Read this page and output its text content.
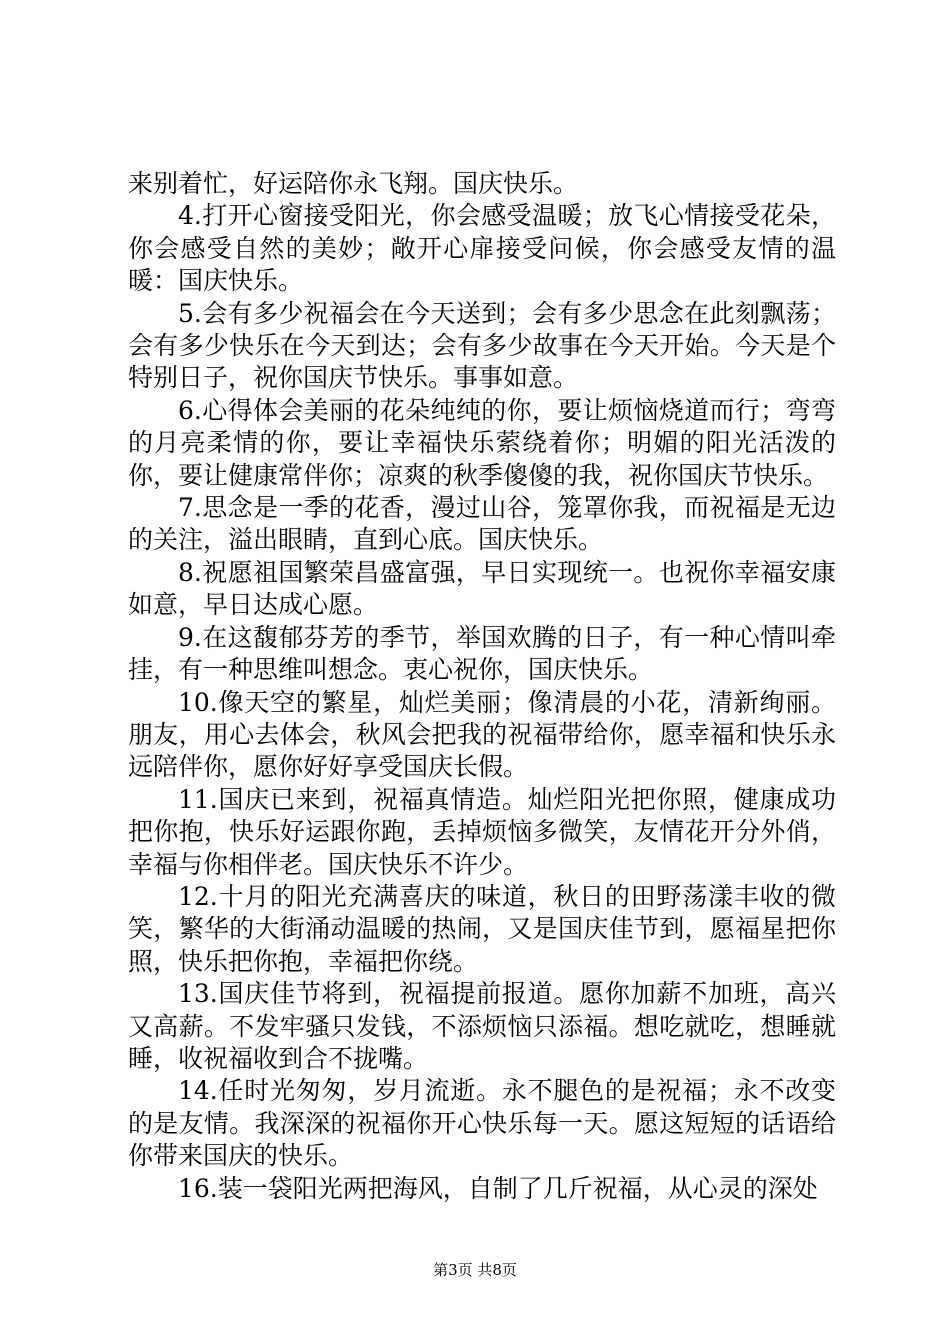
来别着忙，好运陪你永飞翔。国庆快乐。

4.打开心窗接受阳光，你会感受温暖；放飞心情接受花朵，你会感受自然的美妙；敞开心扉接受问候，你会感受友情的温暖：国庆快乐。

5.会有多少祝福会在今天送到；会有多少思念在此刻飘荡；会有多少快乐在今天到达；会有多少故事在今天开始。今天是个特别日子，祝你国庆节快乐。事事如意。

6.心得体会美丽的花朵纯纯的你，要让烦恼烧道而行；弯弯的月亮柔情的你，要让幸福快乐萦绕着你；明媚的阳光活泼的你，要让健康常伴你；凉爽的秋季傻傻的我，祝你国庆节快乐。

7.思念是一季的花香，漫过山谷，笼罩你我，而祝福是无边的关注，溢出眼睛，直到心底。国庆快乐。

8.祝愿祖国繁荣昌盛富强，早日实现统一。也祝你幸福安康如意，早日达成心愿。

9.在这馥郁芬芳的季节，举国欢腾的日子，有一种心情叫牵挂，有一种思维叫想念。衷心祝你，国庆快乐。

10.像天空的繁星，灿烂美丽；像清晨的小花，清新绚丽。朋友，用心去体会，秋风会把我的祝福带给你，愿幸福和快乐永远陪伴你，愿你好好享受国庆长假。

11.国庆已来到，祝福真情造。灿烂阳光把你照，健康成功把你抱，快乐好运跟你跑，丢掉烦恼多微笑，友情花开分外俏，幸福与你相伴老。国庆快乐不许少。

12.十月的阳光充满喜庆的味道，秋日的田野荡漾丰收的微笑，繁华的大街涌动温暖的热闹，又是国庆佳节到，愿福星把你照，快乐把你抱，幸福把你绕。

13.国庆佳节将到，祝福提前报道。愿你加薪不加班，高兴又高薪。不发牢骚只发钱，不添烦恼只添福。想吃就吃，想睡就睡，收祝福收到合不拢嘴。

14.任时光匆匆，岁月流逝。永不腿色的是祝福；永不改变的是友情。我深深的祝福你开心快乐每一天。愿这短短的话语给你带来国庆的快乐。

16.装一袋阳光两把海风，自制了几斤祝福，从心灵的深处

第3页 共8页
